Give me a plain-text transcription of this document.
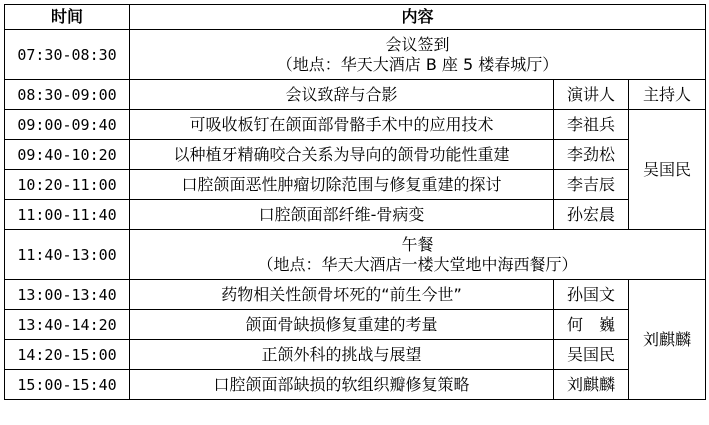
时间	内容		
07:30-08:30	会议签到
（地点：华天大酒店 B 座 5 楼春城厅）		

08:30-09:00	会议致辞与合影	演讲人	主持人
09:00-09:40	可吸收板钉在颌面部骨骼手术中的应用技术	李祖兵	吴国民
09:40-10:20	以种植牙精确咬合关系为导向的颌骨功能性重建	李劲松	
10:20-11:00	口腔颌面恶性肿瘤切除范围与修复重建的探讨	李吉辰	
11:00-11:40	口腔颌面部纤维-骨病变	孙宏晨	
11:40-13:00	午餐
（地点：华天大酒店一楼大堂地中海西餐厅）		

13:00-13:40	药物相关性颌骨坏死的“前生今世”	孙国文	刘麒麟
13:40-14:20	颌面骨缺损修复重建的考量	何　巍	
14:20-15:00	正颌外科的挑战与展望	吴国民	
15:00-15:40	口腔颌面部缺损的软组织瓣修复策略	刘麒麟	
